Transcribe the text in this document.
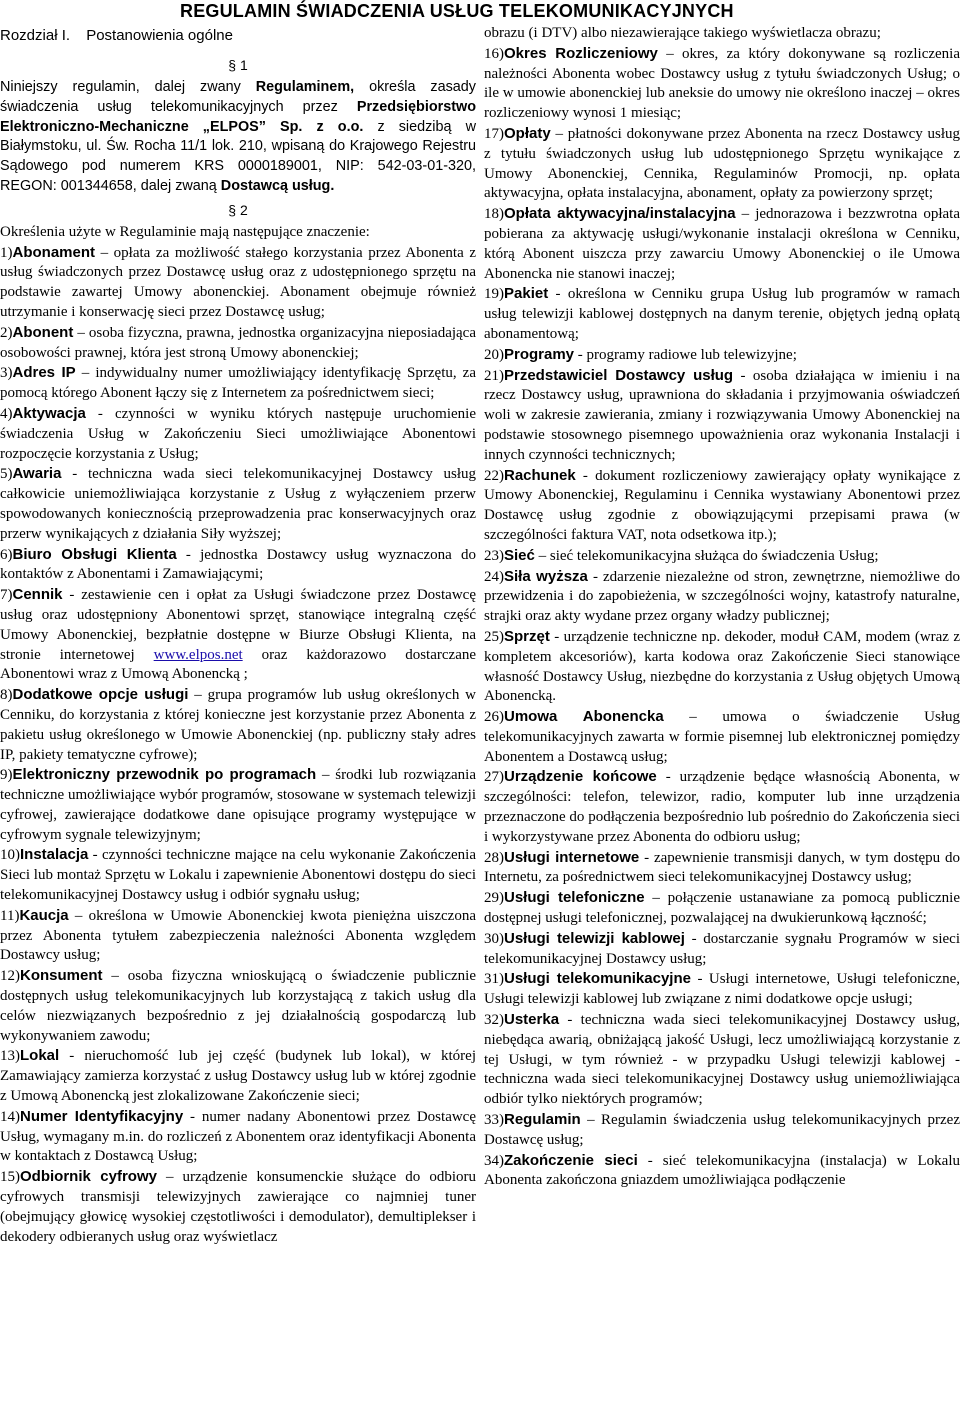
REGULAMIN ŚWIADCZENIA USŁUG TELEKOMUNIKACYJNYCH
Rozdział I. Postanowienia ogólne
§ 1

Niniejszy regulamin, dalej zwany Regulaminem, określa zasady świadczenia usług telekomunikacyjnych przez Przedsiębiorstwo Elektroniczno-Mechaniczne „ELPOS” Sp. z o.o. z siedzibą w Białymstoku, ul. Św. Rocha 11/1 lok. 210, wpisaną do Krajowego Rejestru Sądowego pod numerem KRS 0000189001, NIP: 542-03-01-320, REGON: 001344658, dalej zwaną Dostawcą usług.

§ 2

Określenia użyte w Regulaminie mają następujące znaczenie:

1)Abonament – opłata za możliwość stałego korzystania przez Abonenta z usług świadczonych przez Dostawcę usług oraz z udostępnionego sprzętu na podstawie zawartej Umowy abonenckiej. Abonament obejmuje również utrzymanie i konserwację sieci przez Dostawcę usług;

2)Abonent – osoba fizyczna, prawna, jednostka organizacyjna nieposiadająca osobowości prawnej, która jest stroną Umowy abonenckiej;

3)Adres IP – indywidualny numer umożliwiający identyfikację Sprzętu, za pomocą którego Abonent łączy się z Internetem za pośrednictwem sieci;

4)Aktywacja - czynności w wyniku których następuje uruchomienie świadczenia Usług w Zakończeniu Sieci umożliwiające Abonentowi rozpoczęcie korzystania z Usług;

5)Awaria - techniczna wada sieci telekomunikacyjnej Dostawcy usług całkowicie uniemożliwiająca korzystanie z Usług z wyłączeniem przerw spowodowanych koniecznością przeprowadzenia prac konserwacyjnych oraz przerw wynikających z działania Siły wyższej;

6)Biuro Obsługi Klienta - jednostka Dostawcy usług wyznaczona do kontaktów z Abonentami i Zamawiającymi;

7)Cennik - zestawienie cen i opłat za Usługi świadczone przez Dostawcę usług oraz udostępniony Abonentowi sprzęt, stanowiące integralną część Umowy Abonenckiej, bezpłatnie dostępne w Biurze Obsługi Klienta, na stronie internetowej www.elpos.net oraz każdorazowo dostarczane Abonentowi wraz z Umową Abonencką ;

8)Dodatkowe opcje usługi – grupa programów lub usług określonych w Cenniku, do korzystania z której konieczne jest korzystanie przez Abonenta z pakietu usług określonego w Umowie Abonenckiej (np. publiczny stały adres IP, pakiety tematyczne cyfrowe);

9)Elektroniczny przewodnik po programach – środki lub rozwiązania techniczne umożliwiające wybór programów, stosowane w systemach telewizji cyfrowej, zawierające dodatkowe dane opisujące programy występujące w cyfrowym sygnale telewizyjnym;

10)Instalacja - czynności techniczne mające na celu wykonanie Zakończenia Sieci lub montaż Sprzętu w Lokalu i zapewnienie Abonentowi dostępu do sieci telekomunikacyjnej Dostawcy usług i odbiór sygnału usług;

11)Kaucja – określona w Umowie Abonenckiej kwota pieniężna uiszczona przez Abonenta tytułem zabezpieczenia należności Abonenta względem Dostawcy usług;

12)Konsument – osoba fizyczna wnioskującą o świadczenie publicznie dostępnych usług telekomunikacyjnych lub korzystającą z takich usług dla celów niezwiązanych bezpośrednio z jej działalnością gospodarczą lub wykonywaniem zawodu;

13)Lokal - nieruchomość lub jej część (budynek lub lokal), w której Zamawiający zamierza korzystać z usług Dostawcy usług lub w której zgodnie z Umową Abonencką jest zlokalizowane Zakończenie sieci;

14)Numer Identyfikacyjny - numer nadany Abonentowi przez Dostawcę Usług, wymagany m.in. do rozliczeń z Abonentem oraz identyfikacji Abonenta w kontaktach z Dostawcą Usług;

15)Odbiornik cyfrowy – urządzenie konsumenckie służące do odbioru cyfrowych transmisji telewizyjnych zawierające co najmniej tuner (obejmujący głowicę wysokiej częstotliwości i demodulator), demultiplekser i dekodery odbieranych usług oraz wyświetlacz

obrazu (i DTV) albo niezawierające takiego wyświetlacza obrazu;

16)Okres Rozliczeniowy – okres, za który dokonywane są rozliczenia należności Abonenta wobec Dostawcy usług z tytułu świadczonych Usług; o ile w umowie abonenckiej lub aneksie do umowy nie określono inaczej – okres rozliczeniowy wynosi 1 miesiąc;

17)Opłaty – płatności dokonywane przez Abonenta na rzecz Dostawcy usług z tytułu świadczonych usług lub udostępnionego Sprzętu wynikające z Umowy Abonenckiej, Cennika, Regulaminów Promocji, np. opłata aktywacyjna, opłata instalacyjna, abonament, opłaty za powierzony sprzęt;

18)Opłata aktywacyjna/instalacyjna – jednorazowa i bezzwrotna opłata pobierana za aktywację usługi/wykonanie instalacji określona w Cenniku, którą Abonent uiszcza przy zawarciu Umowy Abonenckiej o ile Umowa Abonencka nie stanowi inaczej;

19)Pakiet - określona w Cenniku grupa Usług lub programów w ramach usług telewizji kablowej dostępnych na danym terenie, objętych jedną opłatą abonamentową;

20)Programy - programy radiowe lub telewizyjne;

21)Przedstawiciel Dostawcy usług - osoba działająca w imieniu i na rzecz Dostawcy usług, uprawniona do składania i przyjmowania oświadczeń woli w zakresie zawierania, zmiany i rozwiązywania Umowy Abonenckiej na podstawie stosownego pisemnego upoważnienia oraz wykonania Instalacji i innych czynności technicznych;

22)Rachunek - dokument rozliczeniowy zawierający opłaty wynikające z Umowy Abonenckiej, Regulaminu i Cennika wystawiany Abonentowi przez Dostawcę usług zgodnie z obowiązującymi przepisami prawa (w szczególności faktura VAT, nota odsetkowa itp.);

23)Sieć – sieć telekomunikacyjna służąca do świadczenia Usług;

24)Siła wyższa - zdarzenie niezależne od stron, zewnętrzne, niemożliwe do przewidzenia i do zapobieżenia, w szczególności wojny, katastrofy naturalne, strajki oraz akty wydane przez organy władzy publicznej;

25)Sprzęt - urządzenie techniczne np. dekoder, moduł CAM, modem (wraz z kompletem akcesoriów), karta kodowa oraz Zakończenie Sieci stanowiące własność Dostawcy Usług, niezbędne do korzystania z Usług objętych Umową Abonencką.

26)Umowa Abonencka – umowa o świadczenie Usług telekomunikacyjnych zawarta w formie pisemnej lub elektronicznej pomiędzy Abonentem a Dostawcą usług;

27)Urządzenie końcowe - urządzenie będące własnością Abonenta, w szczególności: telefon, telewizor, radio, komputer lub inne urządzenia przeznaczone do podłączenia bezpośrednio lub pośrednio do Zakończenia sieci i wykorzystywane przez Abonenta do odbioru usług;

28)Usługi internetowe - zapewnienie transmisji danych, w tym dostępu do Internetu, za pośrednictwem sieci telekomunikacyjnej Dostawcy usług;

29)Usługi telefoniczne – połączenie ustanawiane za pomocą publicznie dostępnej usługi telefonicznej, pozwalającej na dwukierunkową łączność;

30)Usługi telewizji kablowej - dostarczanie sygnału Programów w sieci telekomunikacyjnej Dostawcy usług;

31)Usługi telekomunikacyjne - Usługi internetowe, Usługi telefoniczne, Usługi telewizji kablowej lub związane z nimi dodatkowe opcje usługi;

32)Usterka - techniczna wada sieci telekomunikacyjnej Dostawcy usług, niebędąca awarią, obniżającą jakość Usługi, lecz umożliwiającą korzystanie z tej Usługi, w tym również - w przypadku Usługi telewizji kablowej - techniczna wada sieci telekomunikacyjnej Dostawcy usług uniemożliwiająca odbiór tylko niektórych programów;

33)Regulamin – Regulamin świadczenia usług telekomunikacyjnych przez Dostawcę usług;

34)Zakończenie sieci - sieć telekomunikacyjna (instalacja) w Lokalu Abonenta zakończona gniazdem umożliwiająca podłączenie
